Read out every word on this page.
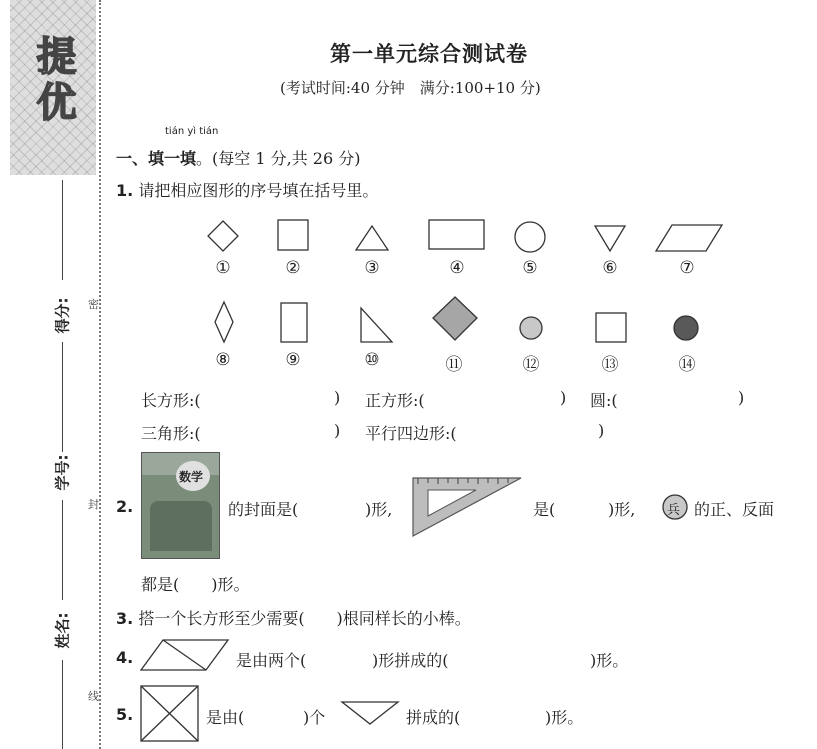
提优
得分:
学号:
姓名:
密
封
线
第一单元综合测试卷
(考试时间:40 分钟　满分:100+10 分)
tián yì tián
一、填一填。(每空 1 分,共 26 分)
1. 请把相应图形的序号填在括号里。
①	②	③	④	⑤	⑥	⑦
⑧	⑨	⑩	⑪	⑫	⑬	⑭
长方形:(	) 正方形:(	) 圆:(	)
三角形:(	) 平行四边形:(	)
2.
数学
的封面是(	)形,	是(	)形, 兵 的正、反面
都是(　　)形。
3. 搭一个长方形至少需要(　　)根同样长的小棒。
4.	是由两个(	)形拼成的(	)形。
5.	是由(	)个	拼成的(	)形。
